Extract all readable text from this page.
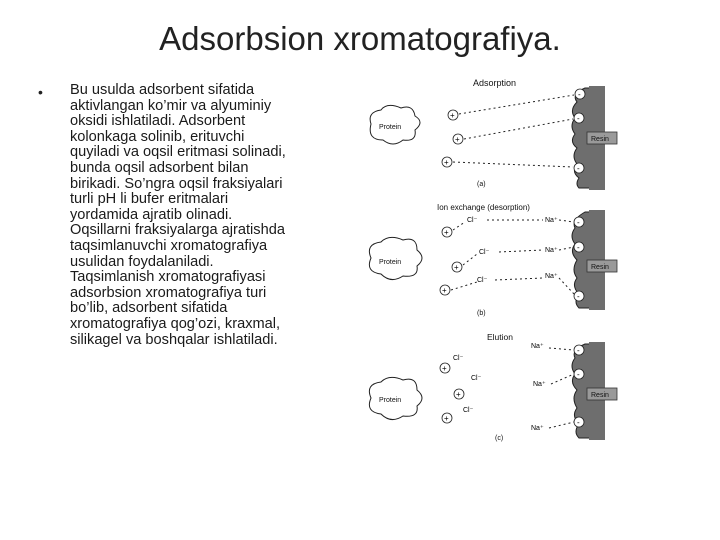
Adsorbsion xromatografiya.
• Bu usulda adsorbent sifatida
aktivlangan ko’mir va alyuminiy
oksidi ishlatiladi. Adsorbent
kolonkaga solinib, erituvchi
quyiladi va oqsil eritmasi solinadi,
bunda oqsil adsorbent bilan
birikadi. So’ngra oqsil fraksiyalari
turli pH li bufer eritmalari
yordamida ajratib olinadi.
Oqsillarni fraksiyalarga ajratishda
taqsimlanuvchi xromatografiya
usulidan foydalaniladi.
Taqsimlanish xromatografiyasi
adsorbsion xromatografiya turi
bo’lib, adsorbent sifatida
xromatografiya qog’ozi, kraxmal,
silikagel va boshqalar ishlatiladi.
Adsorption
Resin
Protein
+
+
+
-
-
-
(a)
Ion exchange (desorption)
Resin
Protein
+
+
+
Cl⁻
Cl⁻
Cl⁻
Na⁺
Na⁺
Na⁺
-
-
-
(b)
Elution
Resin
Protein
+
+
+
Cl⁻
Cl⁻
Cl⁻
Na⁺
Na⁺
Na⁺
-
-
-
(c)
